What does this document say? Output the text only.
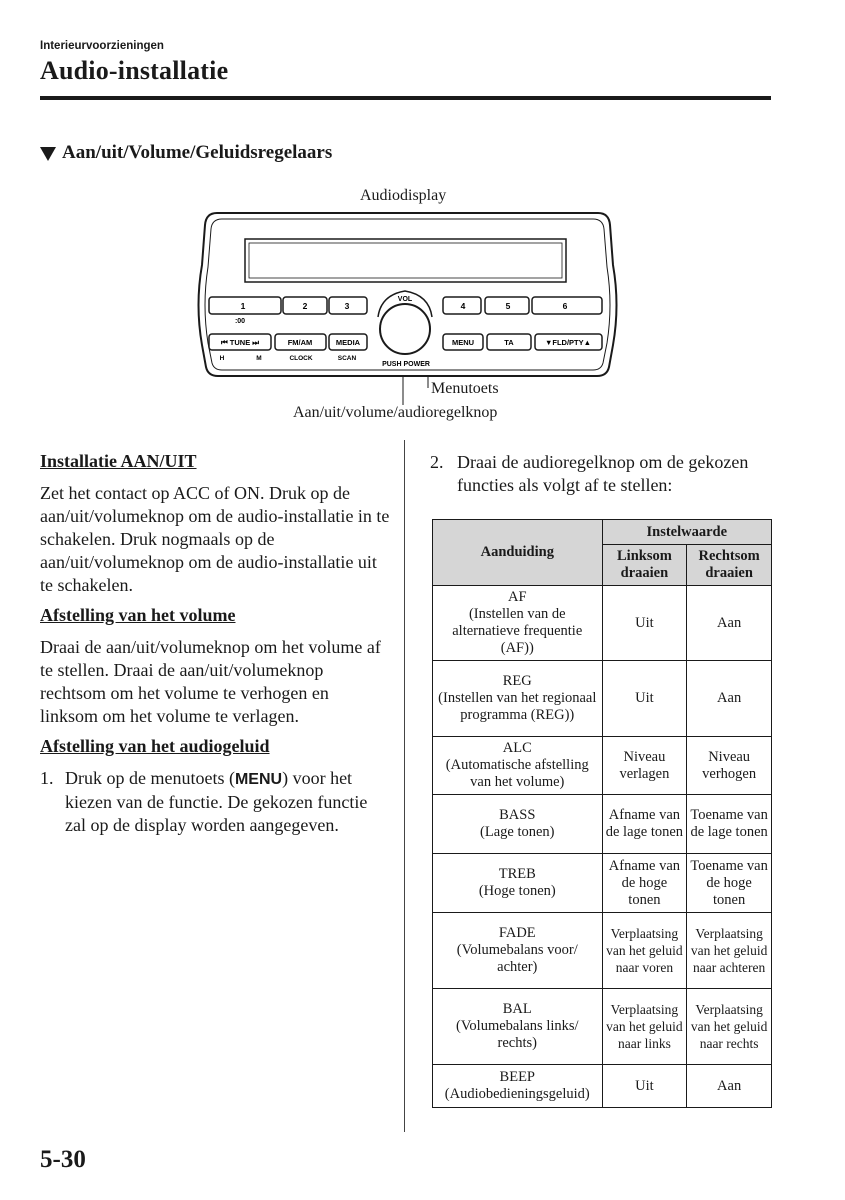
Interieurvoorzieningen
Audio-installatie
Aan/uit/Volume/Geluidsregelaars
Audiodisplay
Menutoets
Aan/uit/volume/audioregelknop
1	2	3
:00
4	5	6
⏮ TUNE ⏭	FM/AM	MEDIA
H	M	CLOCK	SCAN
MENU	TA	▼FLD/PTY▲
VOL
PUSH POWER
Installatie AAN/UIT

Zet het contact op ACC of ON. Druk op de aan/uit/volumeknop om de audio-installatie in te schakelen. Druk nogmaals op de aan/uit/volumeknop om de audio-installatie uit te schakelen.

Afstelling van het volume

Draai de aan/uit/volumeknop om het volume af te stellen. Draai de aan/uit/volumeknop rechtsom om het volume te verhogen en linksom om het volume te verlagen.

Afstelling van het audiogeluid
1. Druk op de menutoets (MENU) voor het kiezen van de functie. De gekozen functie zal op de display worden aangegeven.
2. Draai de audioregelknop om de gekozen functies als volgt af te stellen:
Aanduiding	Instelwaarde	
	Linksom draaien	Rechtsom draaien

AF
(Instellen van de alternatieve frequentie (AF))	Uit	Aan

REG
(Instellen van het regionaal programma (REG))	Uit	Aan

ALC
(Automatische afstelling van het volume)	Niveau verlagen	Niveau verhogen

BASS
(Lage tonen)	Afname van de lage tonen	Toename van de lage tonen

TREB
(Hoge tonen)	Afname van de hoge tonen	Toename van de hoge tonen

FADE
(Volumebalans voor/ achter)	Verplaatsing van het geluid naar voren	Verplaatsing van het geluid naar achteren

BAL
(Volumebalans links/ rechts)	Verplaatsing van het geluid naar links	Verplaatsing van het geluid naar rechts

BEEP
(Audiobedieningsgeluid)	Uit	Aan
5-30
